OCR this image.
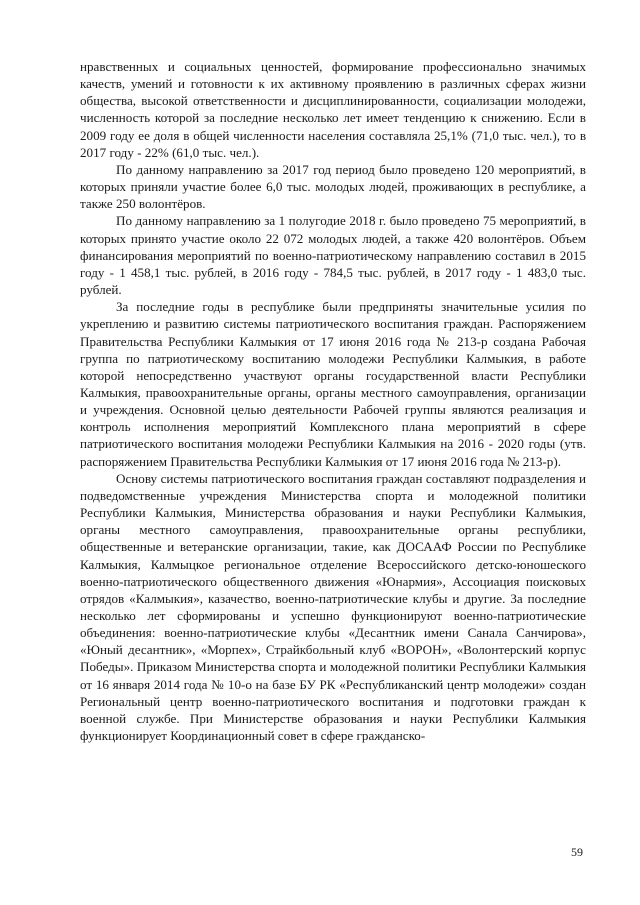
нравственных и социальных ценностей, формирование профессионально значимых качеств, умений и готовности к их активному проявлению в различных сферах жизни общества, высокой ответственности и дисциплинированности, социализации молодежи, численность которой за последние несколько лет имеет тенденцию к снижению. Если в 2009 году ее доля в общей численности населения составляла 25,1% (71,0 тыс. чел.), то в 2017 году - 22% (61,0 тыс. чел.).

По данному направлению за 2017 год период было проведено 120 мероприятий, в которых приняли участие более 6,0 тыс. молодых людей, проживающих в республике, а также 250 волонтёров.

По данному направлению за 1 полугодие 2018 г. было проведено 75 мероприятий, в которых принято участие около 22 072 молодых людей, а также 420 волонтёров. Объем финансирования мероприятий по военно-патриотическому направлению составил в 2015 году - 1 458,1 тыс. рублей, в 2016 году - 784,5 тыс. рублей, в 2017 году - 1 483,0 тыс. рублей.

За последние годы в республике были предприняты значительные усилия по укреплению и развитию системы патриотического воспитания граждан. Распоряжением Правительства Республики Калмыкия от 17 июня 2016 года № 213-р создана Рабочая группа по патриотическому воспитанию молодежи Республики Калмыкия, в работе которой непосредственно участвуют органы государственной власти Республики Калмыкия, правоохранительные органы, органы местного самоуправления, организации и учреждения. Основной целью деятельности Рабочей группы являются реализация и контроль исполнения мероприятий Комплексного плана мероприятий в сфере патриотического воспитания молодежи Республики Калмыкия на 2016 - 2020 годы (утв. распоряжением Правительства Республики Калмыкия от 17 июня 2016 года № 213-р).

Основу системы патриотического воспитания граждан составляют подразделения и подведомственные учреждения Министерства спорта и молодежной политики Республики Калмыкия, Министерства образования и науки Республики Калмыкия, органы местного самоуправления, правоохранительные органы республики, общественные и ветеранские организации, такие, как ДОСААФ России по Республике Калмыкия, Калмыцкое региональное отделение Всероссийского детско-юношеского военно-патриотического общественного движения «Юнармия», Ассоциация поисковых отрядов «Калмыкия», казачество, военно-патриотические клубы и другие. За последние несколько лет сформированы и успешно функционируют военно-патриотические объединения: военно-патриотические клубы «Десантник имени Санала Санчирова», «Юный десантник», «Морпех», Страйкбольный клуб «ВОРОН», «Волонтерский корпус Победы». Приказом Министерства спорта и молодежной политики Республики Калмыкия от 16 января 2014 года № 10-о на базе БУ РК «Республиканский центр молодежи» создан Региональный центр военно-патриотического воспитания и подготовки граждан к военной службе. При Министерстве образования и науки Республики Калмыкия функционирует Координационный совет в сфере гражданско-

59
